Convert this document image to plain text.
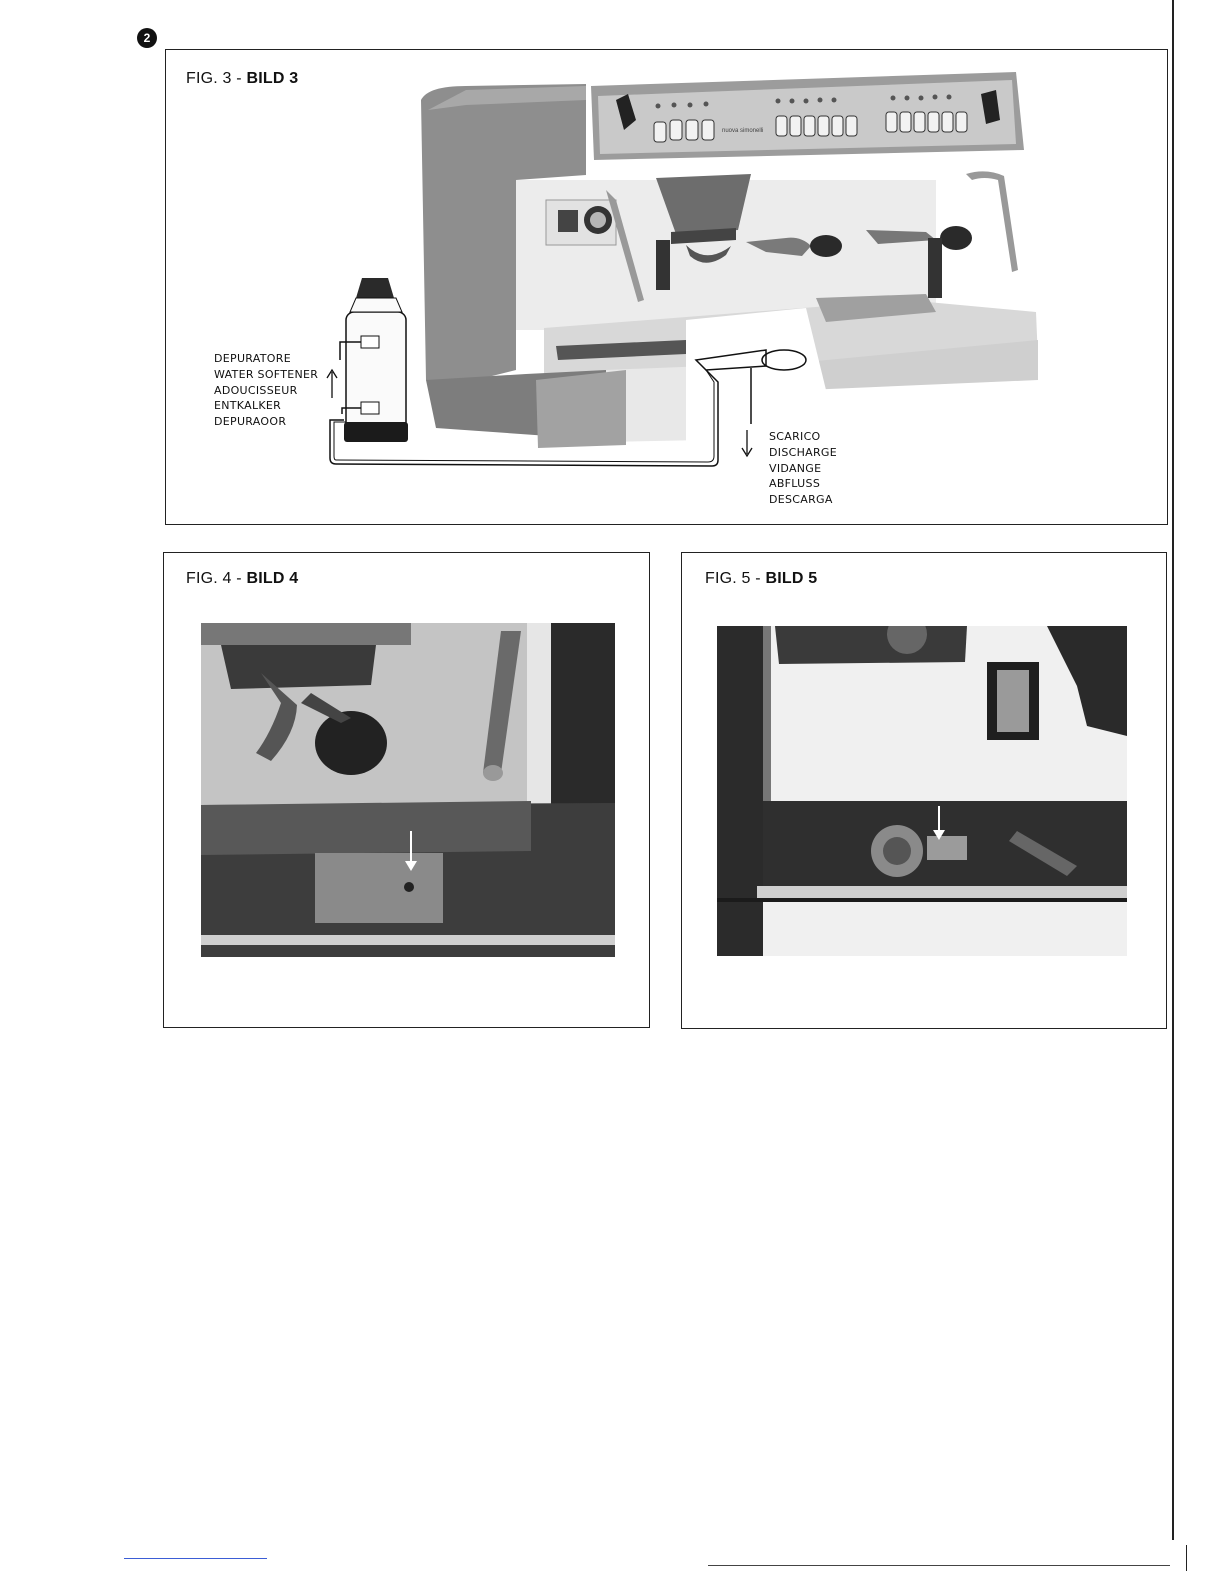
2
FIG. 3 - BILD 3
nuova simonelli
DEPURATORE
WATER SOFTENER
ADOUCISSEUR
ENTKALKER
DEPURAOOR
SCARICO
DISCHARGE
VIDANGE
ABFLUSS
DESCARGA
FIG. 4 - BILD 4	FIG. 5 - BILD 5
